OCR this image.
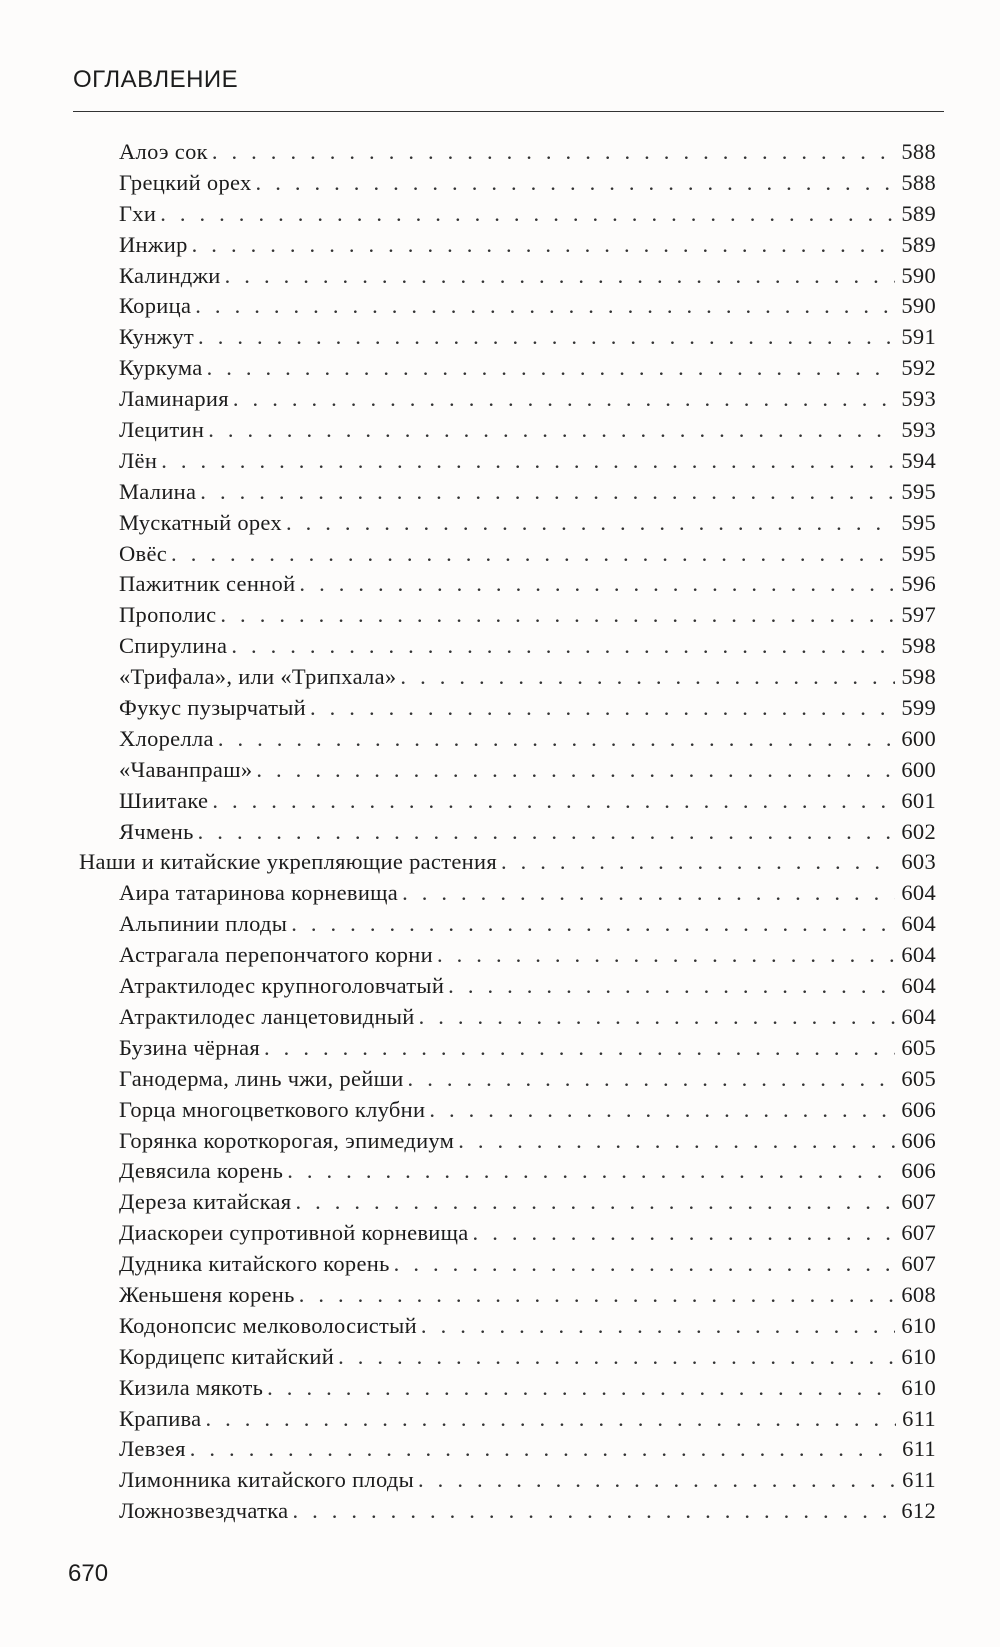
ОГЛАВЛЕНИЕ
Алоэ сок . . .	588
Грецкий орех . . .	588
Гхи . . .	589
Инжир . . .	589
Калинджи . . .	590
Корица . . .	590
Кунжут . . .	591
Куркума . . .	592
Ламинария . . .	593
Лецитин . . .	593
Лён . . .	594
Малина . . .	595
Мускатный орех . . .	595
Овёс . . .	595
Пажитник сенной . . .	596
Прополис . . .	597
Спирулина . . .	598
«Трифала», или «Трипхала» . . .	598
Фукус пузырчатый . . .	599
Хлорелла . . .	600
«Чаванпраш» . . .	600
Шиитаке . . .	601
Ячмень . . .	602
Наши и китайские укрепляющие растения . . .	603
Аира татаринова корневища . . .	604
Альпинии плоды . . .	604
Астрагала перепончатого корни . . .	604
Атрактилодес крупноголовчатый . . .	604
Атрактилодес ланцетовидный . . .	604
Бузина чёрная . . .	605
Ганодерма, линь чжи, рейши . . .	605
Горца многоцветкового клубни . . .	606
Горянка короткорогая, эпимедиум . . .	606
Девясила корень . . .	606
Дереза китайская . . .	607
Диаскореи супротивной корневища . . .	607
Дудника китайского корень . . .	607
Женьшеня корень . . .	608
Кодонопсис мелковолосистый . . .	610
Кордицепс китайский . . .	610
Кизила мякоть . . .	610
Крапива . . .	611
Левзея . . .	611
Лимонника китайского плоды . . .	611
Ложнозвездчатка . . .	612
670
